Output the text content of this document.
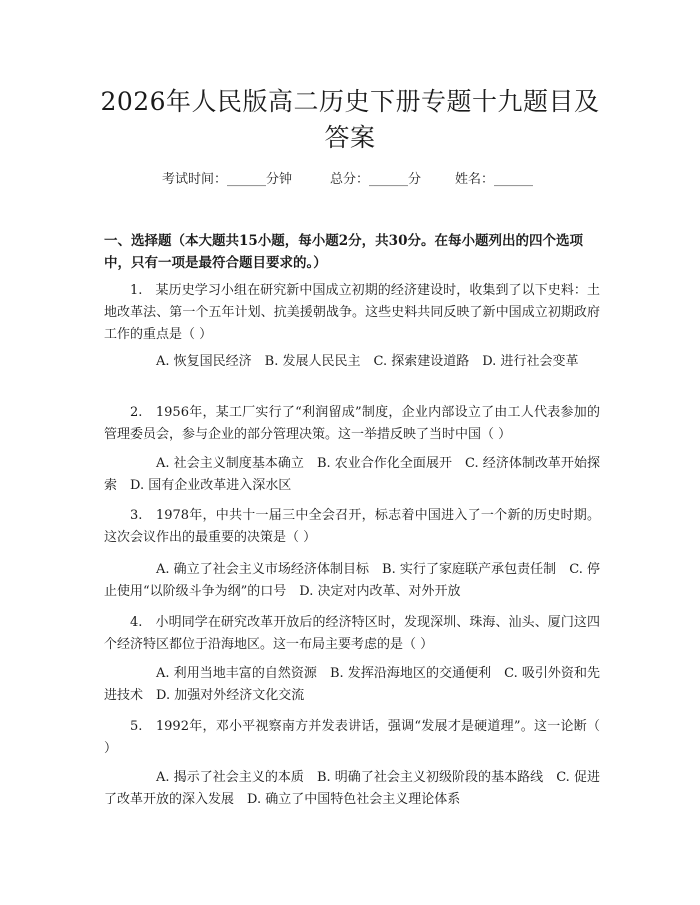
2026年人民版高二历史下册专题十九题目及
答案
考试时间：______分钟	总分：______分	姓名：______
一、选择题（本大题共15小题，每小题2分，共30分。在每小题列出的四个选项中，只有一项是最符合题目要求的。）
1.　某历史学习小组在研究新中国成立初期的经济建设时，收集到了以下史料：土地改革法、第一个五年计划、抗美援朝战争。这些史料共同反映了新中国成立初期政府工作的重点是（ ）
A. 恢复国民经济　B. 发展人民民主　C. 探索建设道路　D. 进行社会变革
2.　1956年，某工厂实行了“利润留成”制度，企业内部设立了由工人代表参加的管理委员会，参与企业的部分管理决策。这一举措反映了当时中国（ ）
A. 社会主义制度基本确立　B. 农业合作化全面展开　C. 经济体制改革开始探索　D. 国有企业改革进入深水区
3.　1978年，中共十一届三中全会召开，标志着中国进入了一个新的历史时期。这次会议作出的最重要的决策是（ ）
A. 确立了社会主义市场经济体制目标　B. 实行了家庭联产承包责任制　C. 停止使用“以阶级斗争为纲”的口号　D. 决定对内改革、对外开放
4.　小明同学在研究改革开放后的经济特区时，发现深圳、珠海、汕头、厦门这四个经济特区都位于沿海地区。这一布局主要考虑的是（ ）
A. 利用当地丰富的自然资源　B. 发挥沿海地区的交通便利　C. 吸引外资和先进技术　D. 加强对外经济文化交流
5.　1992年，邓小平视察南方并发表讲话，强调“发展才是硬道理”。这一论断（ ）
A. 揭示了社会主义的本质　B. 明确了社会主义初级阶段的基本路线　C. 促进了改革开放的深入发展　D. 确立了中国特色社会主义理论体系
